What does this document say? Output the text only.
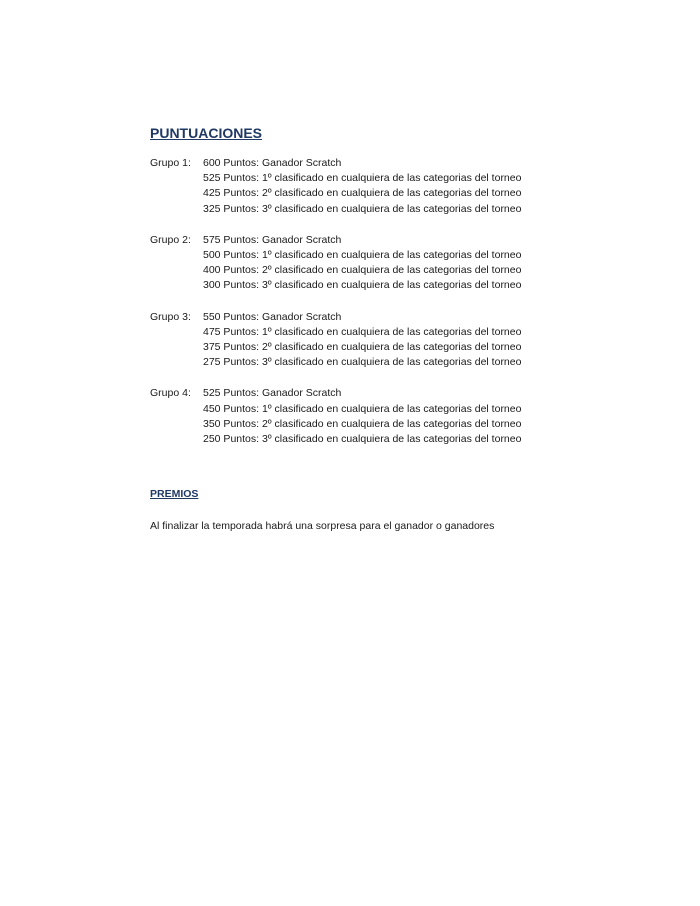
PUNTUACIONES
Grupo 1:	600 Puntos: Ganador Scratch
525 Puntos: 1º clasificado en cualquiera de las categorias del torneo
425 Puntos: 2º clasificado en cualquiera de las categorias del torneo
325 Puntos: 3º clasificado en cualquiera de las categorias del torneo
Grupo 2:	575 Puntos: Ganador Scratch
500 Puntos: 1º clasificado en cualquiera de las categorias del torneo
400 Puntos: 2º clasificado en cualquiera de las categorias del torneo
300 Puntos: 3º clasificado en cualquiera de las categorias del torneo
Grupo 3:	550 Puntos: Ganador Scratch
475 Puntos: 1º clasificado en cualquiera de las categorias del torneo
375 Puntos: 2º clasificado en cualquiera de las categorias del torneo
275 Puntos: 3º clasificado en cualquiera de las categorias del torneo
Grupo 4:	525 Puntos: Ganador Scratch
450 Puntos: 1º clasificado en cualquiera de las categorias del torneo
350 Puntos: 2º clasificado en cualquiera de las categorias del torneo
250 Puntos: 3º clasificado en cualquiera de las categorias del torneo
PREMIOS

Al finalizar la temporada habrá una sorpresa para el ganador o ganadores
